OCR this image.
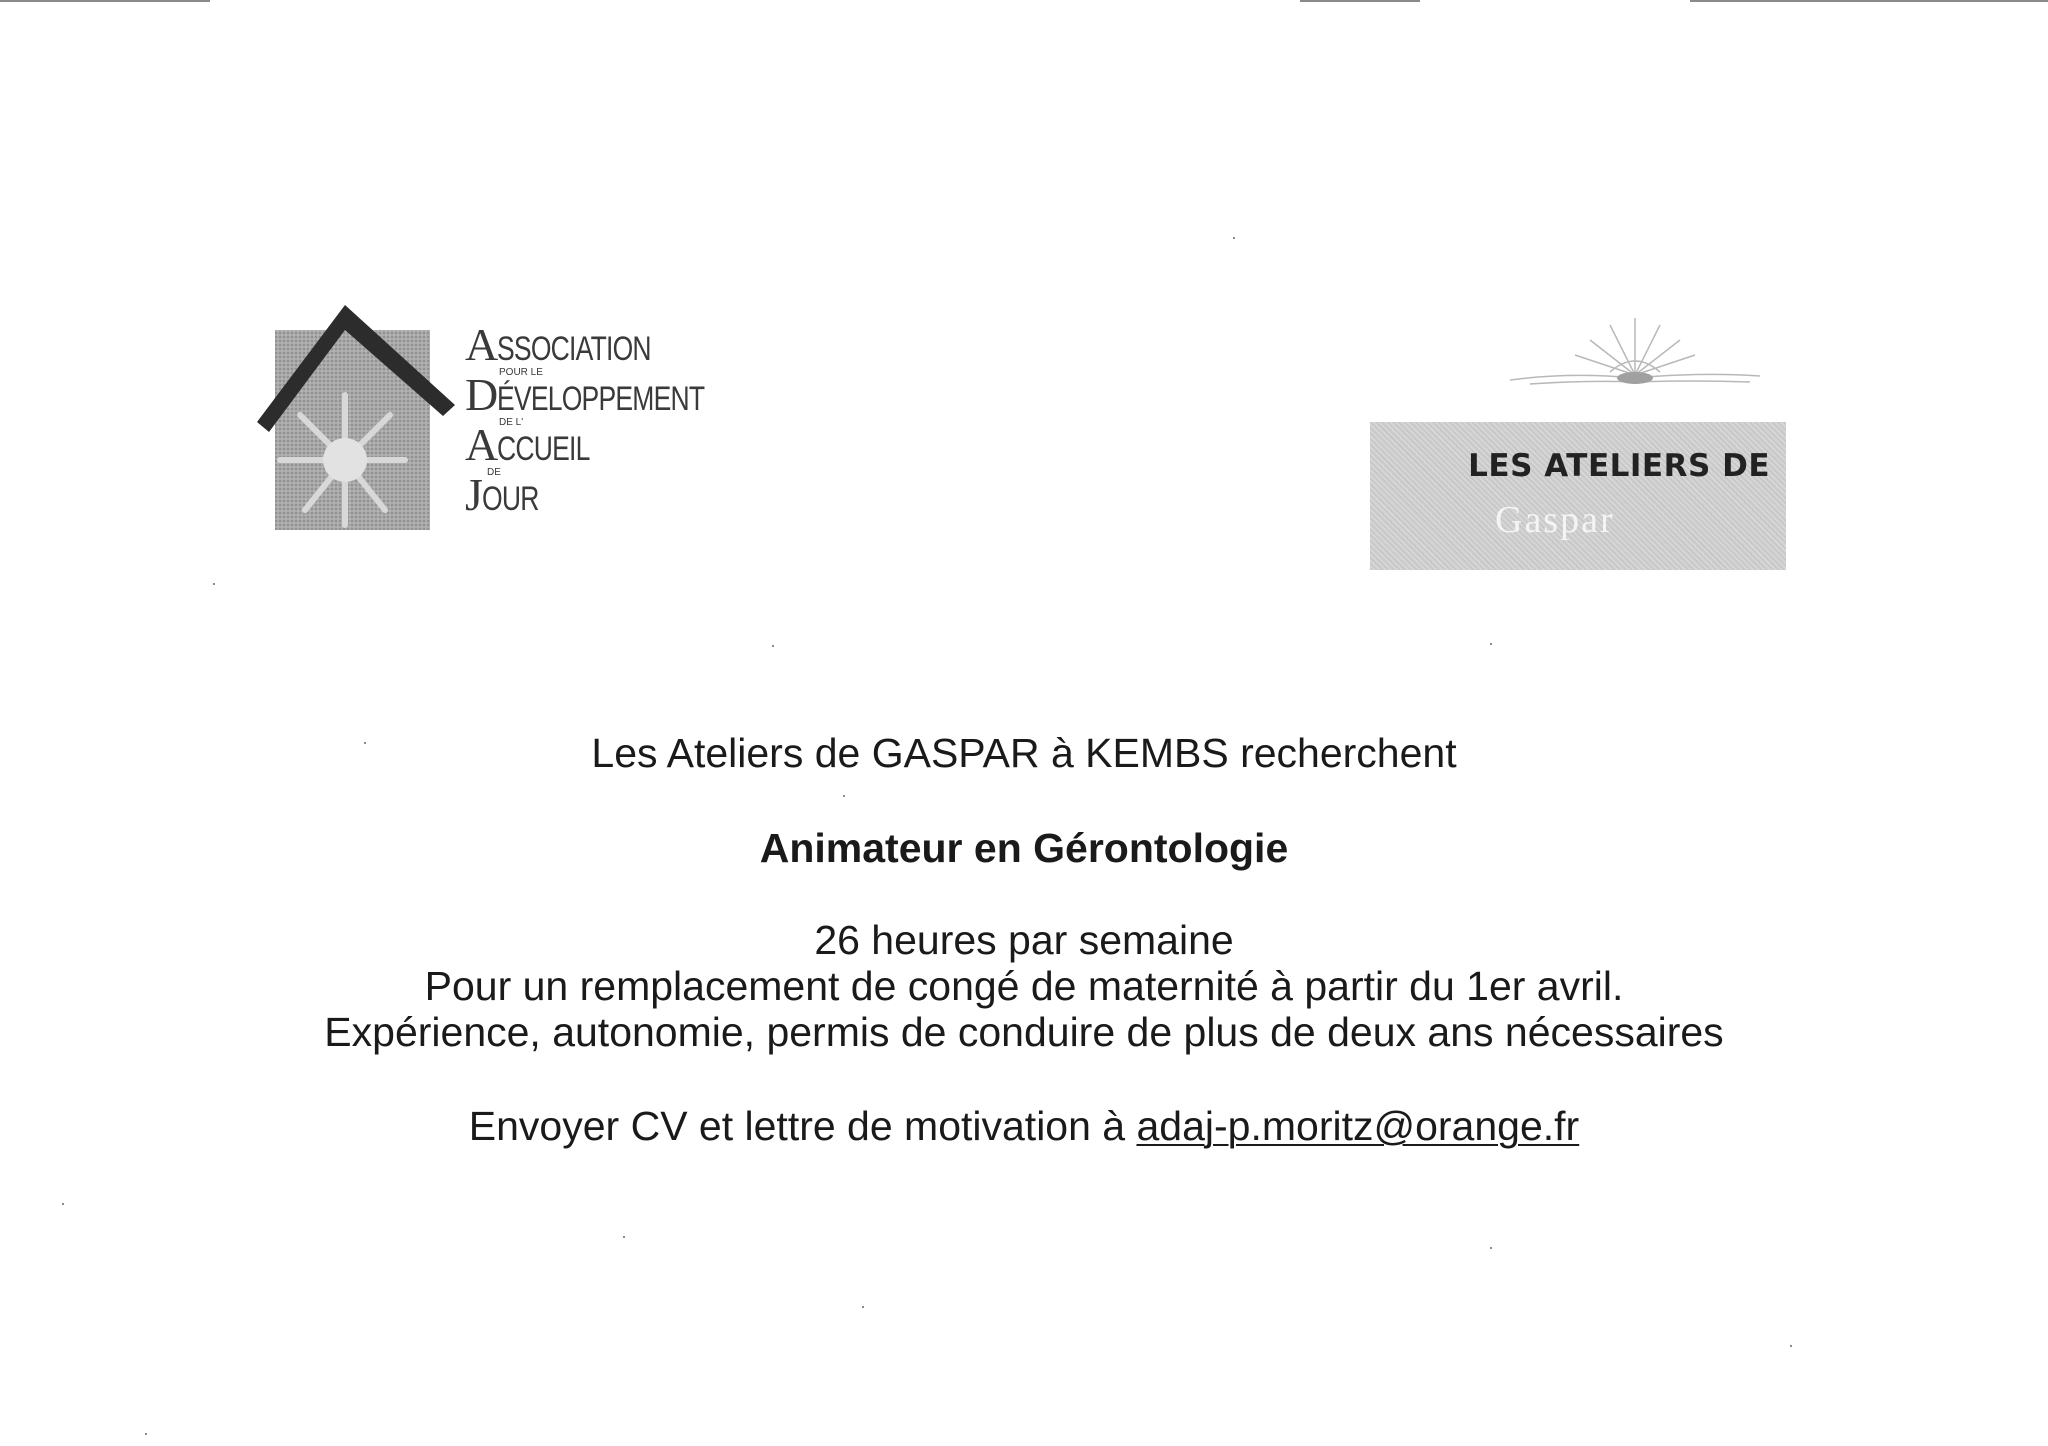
ASSOCIATION
POUR LE
DÉVELOPPEMENT
DE L'
ACCUEIL
DE
JOUR
LES ATELIERS DE
Gaspar
Les Ateliers de GASPAR à KEMBS recherchent
Animateur en Gérontologie
26 heures par semaine
Pour un remplacement de congé de maternité à partir du 1er avril.
Expérience, autonomie, permis de conduire de plus de deux ans nécessaires
Envoyer CV et lettre de motivation à adaj-p.moritz@orange.fr
